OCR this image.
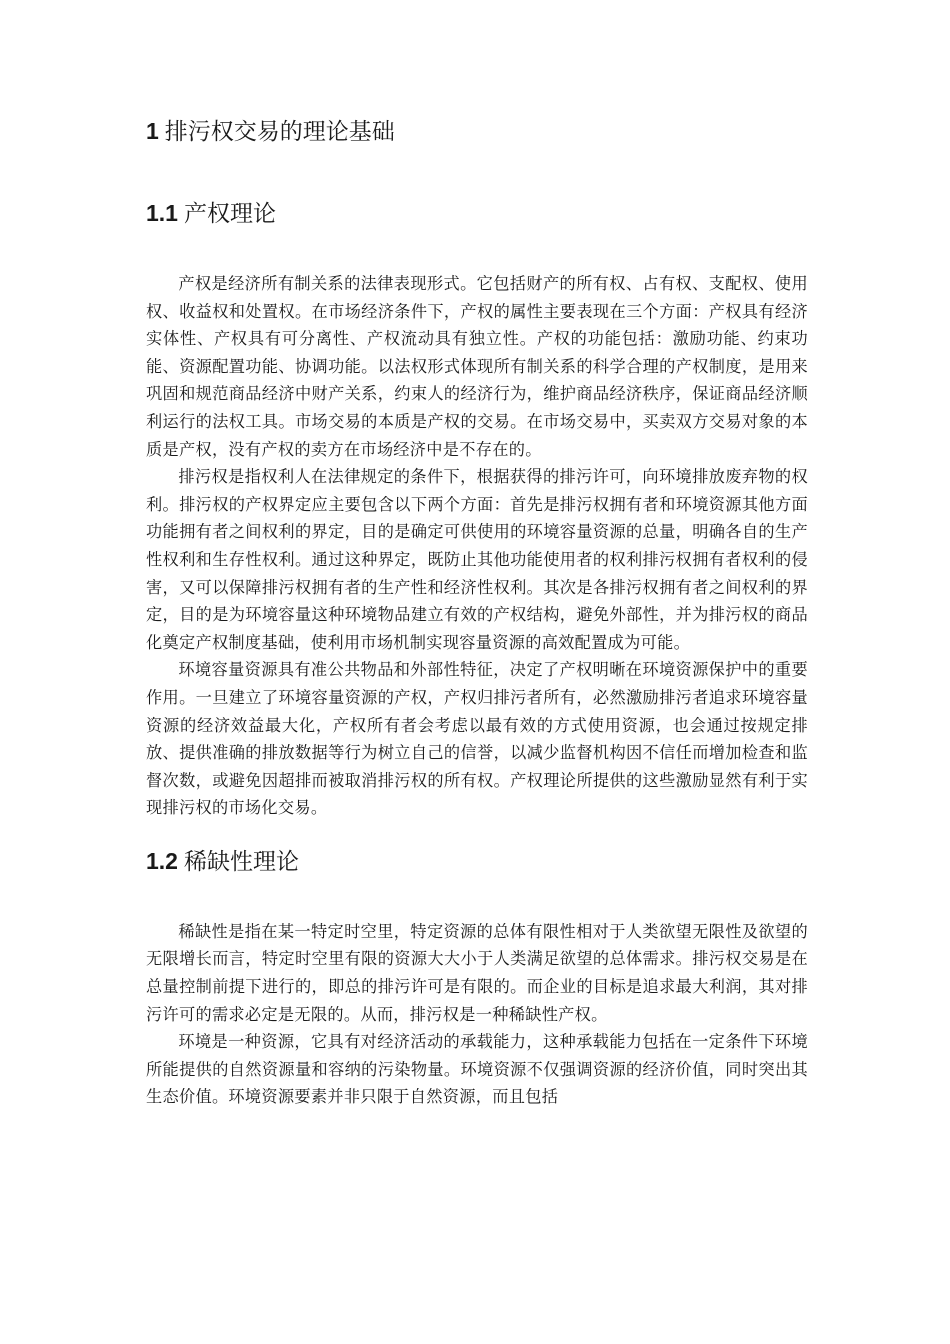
1 排污权交易的理论基础
1.1 产权理论

产权是经济所有制关系的法律表现形式。它包括财产的所有权、占有权、支配权、使用权、收益权和处置权。在市场经济条件下，产权的属性主要表现在三个方面：产权具有经济实体性、产权具有可分离性、产权流动具有独立性。产权的功能包括：激励功能、约束功能、资源配置功能、协调功能。以法权形式体现所有制关系的科学合理的产权制度，是用来巩固和规范商品经济中财产关系，约束人的经济行为，维护商品经济秩序，保证商品经济顺利运行的法权工具。市场交易的本质是产权的交易。在市场交易中，买卖双方交易对象的本质是产权，没有产权的卖方在市场经济中是不存在的。

排污权是指权利人在法律规定的条件下，根据获得的排污许可，向环境排放废弃物的权利。排污权的产权界定应主要包含以下两个方面：首先是排污权拥有者和环境资源其他方面功能拥有者之间权利的界定，目的是确定可供使用的环境容量资源的总量，明确各自的生产性权利和生存性权利。通过这种界定，既防止其他功能使用者的权利排污权拥有者权利的侵害，又可以保障排污权拥有者的生产性和经济性权利。其次是各排污权拥有者之间权利的界定，目的是为环境容量这种环境物品建立有效的产权结构，避免外部性，并为排污权的商品化奠定产权制度基础，使利用市场机制实现容量资源的高效配置成为可能。

环境容量资源具有准公共物品和外部性特征，决定了产权明晰在环境资源保护中的重要作用。一旦建立了环境容量资源的产权，产权归排污者所有，必然激励排污者追求环境容量资源的经济效益最大化，产权所有者会考虑以最有效的方式使用资源，也会通过按规定排放、提供准确的排放数据等行为树立自己的信誉，以减少监督机构因不信任而增加检查和监督次数，或避免因超排而被取消排污权的所有权。产权理论所提供的这些激励显然有利于实现排污权的市场化交易。

1.2 稀缺性理论

稀缺性是指在某一特定时空里，特定资源的总体有限性相对于人类欲望无限性及欲望的无限增长而言，特定时空里有限的资源大大小于人类满足欲望的总体需求。排污权交易是在总量控制前提下进行的，即总的排污许可是有限的。而企业的目标是追求最大利润，其对排污许可的需求必定是无限的。从而，排污权是一种稀缺性产权。

环境是一种资源，它具有对经济活动的承载能力，这种承载能力包括在一定条件下环境所能提供的自然资源量和容纳的污染物量。环境资源不仅强调资源的经济价值，同时突出其生态价值。环境资源要素并非只限于自然资源，而且包括
